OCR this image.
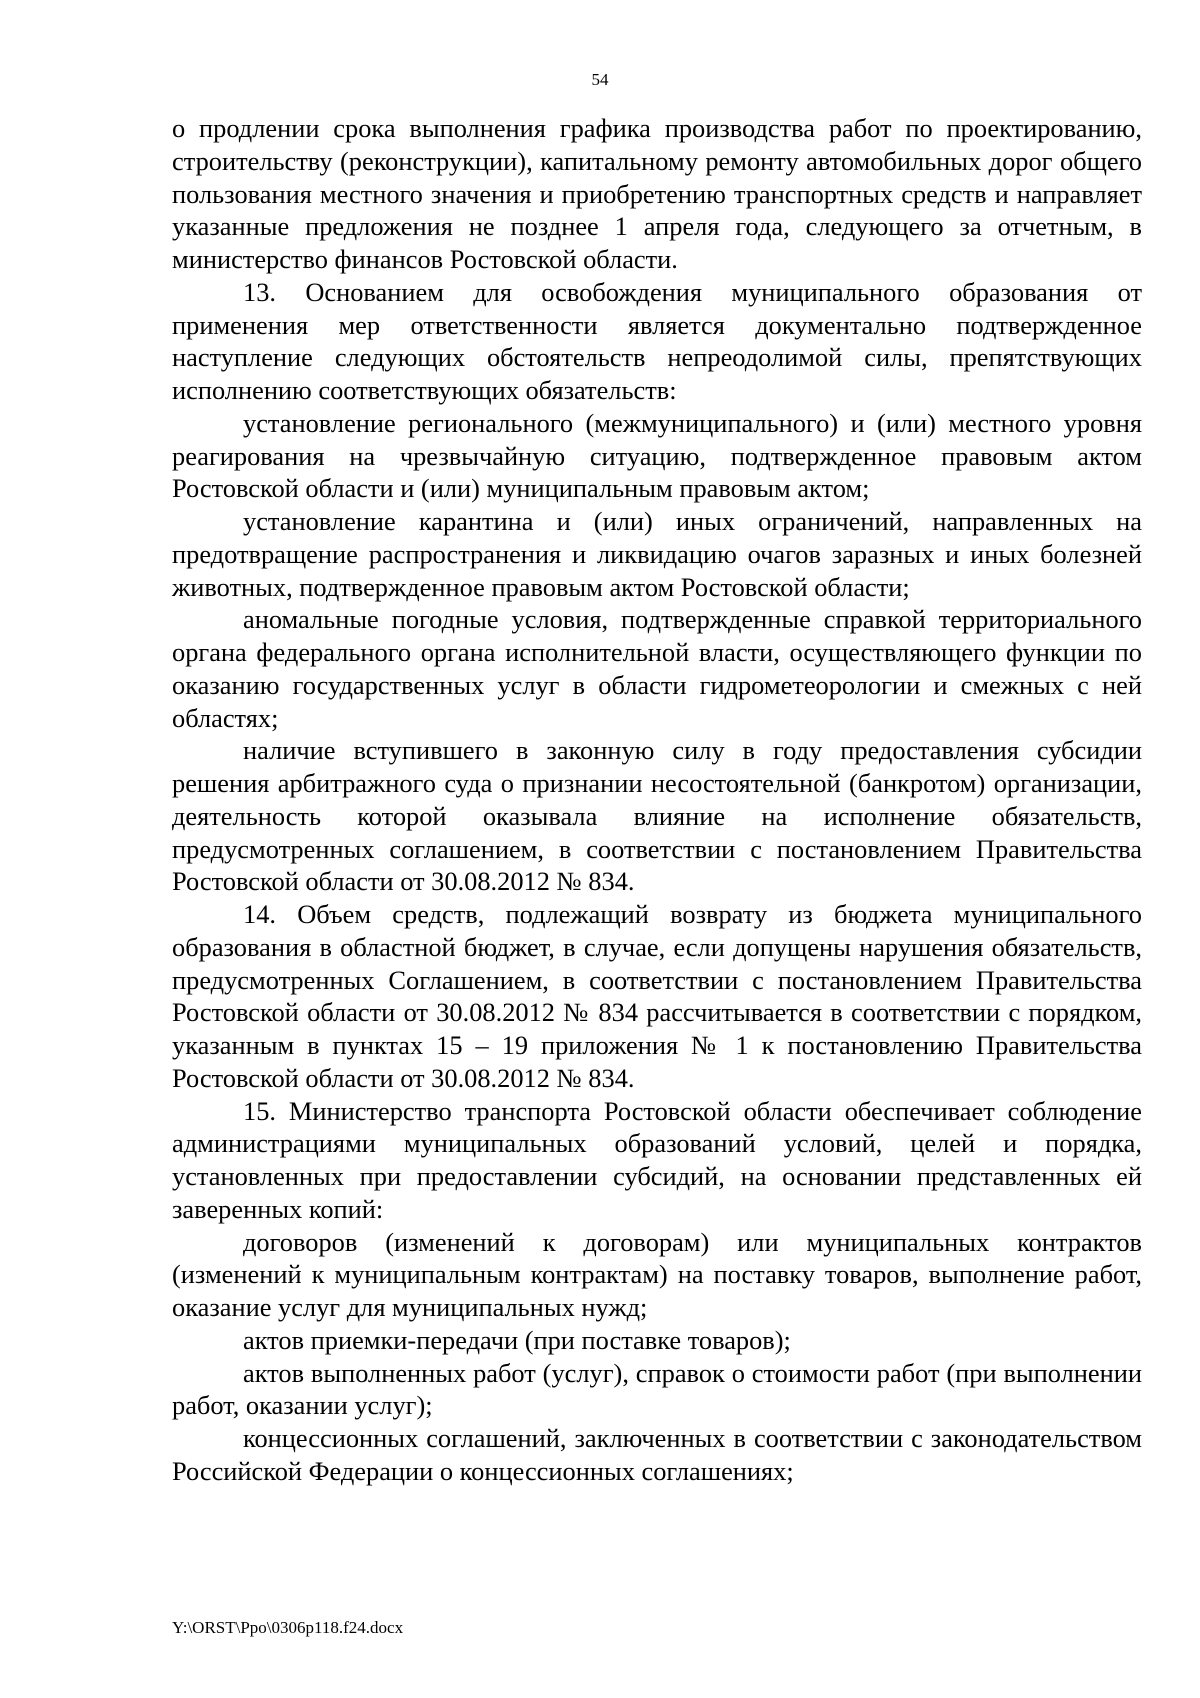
54

о продлении срока выполнения графика производства работ по проектированию, строительству (реконструкции), капитальному ремонту автомобильных дорог общего пользования местного значения и приобретению транспортных средств и направляет указанные предложения не позднее 1 апреля года, следующего за отчетным, в министерство финансов Ростовской области.

13. Основанием для освобождения муниципального образования от применения мер ответственности является документально подтвержденное наступление следующих обстоятельств непреодолимой силы, препятствующих исполнению соответствующих обязательств:

установление регионального (межмуниципального) и (или) местного уровня реагирования на чрезвычайную ситуацию, подтвержденное правовым актом Ростовской области и (или) муниципальным правовым актом;

установление карантина и (или) иных ограничений, направленных на предотвращение распространения и ликвидацию очагов заразных и иных болезней животных, подтвержденное правовым актом Ростовской области;

аномальные погодные условия, подтвержденные справкой территориального органа федерального органа исполнительной власти, осуществляющего функции по оказанию государственных услуг в области гидрометеорологии и смежных с ней областях;

наличие вступившего в законную силу в году предоставления субсидии решения арбитражного суда о признании несостоятельной (банкротом) организации, деятельность которой оказывала влияние на исполнение обязательств, предусмотренных соглашением, в соответствии с постановлением Правительства Ростовской области от 30.08.2012 № 834.

14. Объем средств, подлежащий возврату из бюджета муниципального образования в областной бюджет, в случае, если допущены нарушения обязательств, предусмотренных Соглашением, в соответствии с постановлением Правительства Ростовской области от 30.08.2012 № 834 рассчитывается в соответствии с порядком, указанным в пунктах 15 – 19 приложения № 1 к постановлению Правительства Ростовской области от 30.08.2012 № 834.

15. Министерство транспорта Ростовской области обеспечивает соблюдение администрациями муниципальных образований условий, целей и порядка, установленных при предоставлении субсидий, на основании представленных ей заверенных копий:

договоров (изменений к договорам) или муниципальных контрактов (изменений к муниципальным контрактам) на поставку товаров, выполнение работ, оказание услуг для муниципальных нужд;

актов приемки-передачи (при поставке товаров);

актов выполненных работ (услуг), справок о стоимости работ (при выполнении работ, оказании услуг);

концессионных соглашений, заключенных в соответствии с законодательством Российской Федерации о концессионных соглашениях;

Y:\ORST\Ppo\0306p118.f24.docx
